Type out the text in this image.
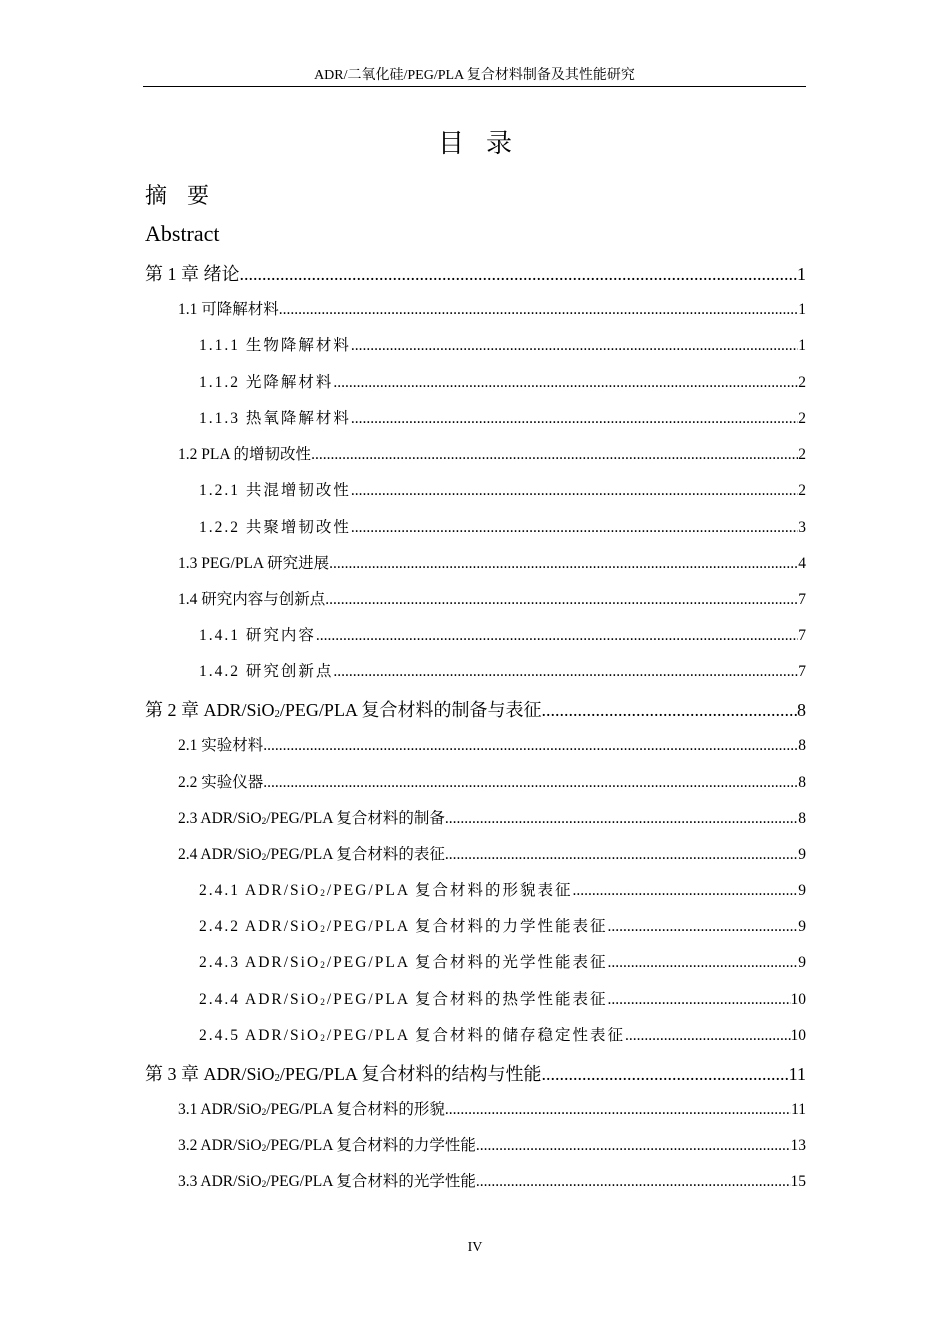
ADR/二氧化硅/PEG/PLA 复合材料制备及其性能研究
目录
摘要
Abstract
第 1 章 绪论 .....	1
1.1 可降解材料 .....	1
1.1.1 生物降解材料 .....	1
1.1.2 光降解材料 .....	2
1.1.3 热氧降解材料 .....	2
1.2 PLA 的增韧改性 .....	2
1.2.1 共混增韧改性 .....	2
1.2.2 共聚增韧改性 .....	3
1.3 PEG/PLA 研究进展 .....	4
1.4 研究内容与创新点 .....	7
1.4.1 研究内容 .....	7
1.4.2 研究创新点 .....	7
第 2 章 ADR/SiO$_2$/PEG/PLA 复合材料的制备与表征 .....	8
2.1 实验材料 .....	8
2.2 实验仪器 .....	8
2.3 ADR/SiO$_2$/PEG/PLA 复合材料的制备 .....	8
2.4 ADR/SiO$_2$/PEG/PLA 复合材料的表征 .....	9
2.4.1 ADR/SiO$_2$/PEG/PLA 复合材料的形貌表征 .....	9
2.4.2 ADR/SiO$_2$/PEG/PLA 复合材料的力学性能表征 .....	9
2.4.3 ADR/SiO$_2$/PEG/PLA 复合材料的光学性能表征 .....	9
2.4.4 ADR/SiO$_2$/PEG/PLA 复合材料的热学性能表征 .....	10
2.4.5 ADR/SiO$_2$/PEG/PLA 复合材料的储存稳定性表征 .....	10
第 3 章 ADR/SiO$_2$/PEG/PLA 复合材料的结构与性能 .....	11
3.1 ADR/SiO$_2$/PEG/PLA 复合材料的形貌 .....	11
3.2 ADR/SiO$_2$/PEG/PLA 复合材料的力学性能 .....	13
3.3 ADR/SiO$_2$/PEG/PLA 复合材料的光学性能 .....	15
IV
